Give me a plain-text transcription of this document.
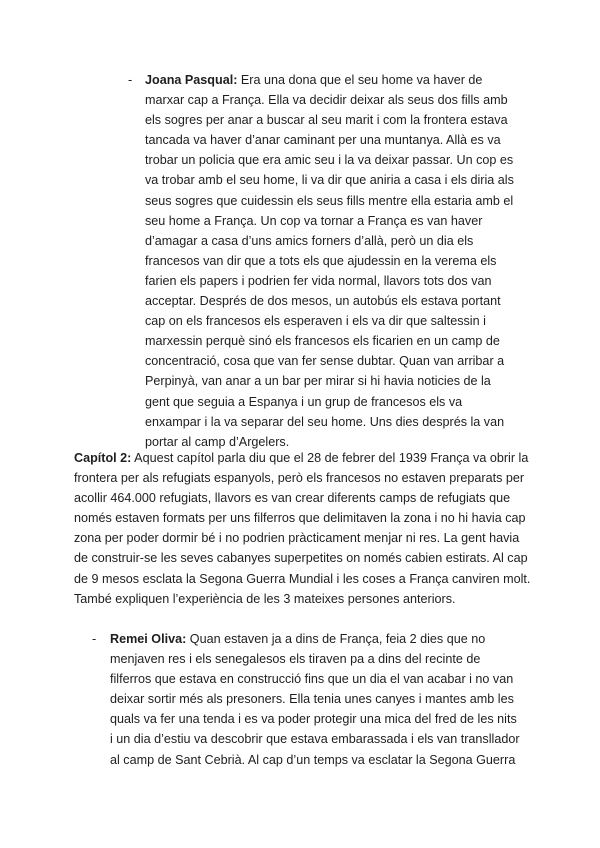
- Joana Pasqual: Era una dona que el seu home va haver de marxar cap a França. Ella va decidir deixar als seus dos fills amb els sogres per anar a buscar al seu marit i com la frontera estava tancada va haver d’anar caminant per una muntanya. Allà es va trobar un policia que era amic seu i la va deixar passar. Un cop es va trobar amb el seu home, li va dir que aniria a casa i els diria als seus sogres que cuidessin els seus fills mentre ella estaria amb el seu home a França. Un cop va tornar a França es van haver d’amagar a casa d’uns amics forners d’allà, però un dia els francesos van dir que a tots els que ajudessin en la verema els farien els papers i podrien fer vida normal, llavors tots dos van acceptar. Després de dos mesos, un autobús els estava portant cap on els francesos els esperaven i els va dir que saltessin i marxessin perquè sinó els francesos els ficarien en un camp de concentració, cosa que van fer sense dubtar. Quan van arribar a Perpinyà, van anar a un bar per mirar si hi havia noticies de la gent que seguia a Espanya i un grup de francesos els va enxampar i la va separar del seu home. Uns dies després la van portar al camp d’Argelers.
Capítol 2: Aquest capítol parla diu que el 28 de febrer del 1939 França va obrir la frontera per als refugiats espanyols, però els francesos no estaven preparats per acollir 464.000 refugiats, llavors es van crear diferents camps de refugiats que només estaven formats per uns filferros que delimitaven la zona i no hi havia cap zona per poder dormir bé i no podrien pràcticament menjar ni res. La gent havia de construir-se les seves cabanyes superpetites on només cabien estirats. Al cap de 9 mesos esclata la Segona Guerra Mundial i les coses a França canviren molt. També expliquen l’experiència de les 3 mateixes persones anteriors.
- Remei Oliva: Quan estaven ja a dins de França, feia 2 dies que no menjaven res i els senegalesos els tiraven pa a dins del recinte de filferros que estava en construcció fins que un dia el van acabar i no van deixar sortir més als presoners. Ella tenia unes canyes i mantes amb les quals va fer una tenda i es va poder protegir una mica del fred de les nits i un dia d’estiu va descobrir que estava embarassada i els van transllador al camp de Sant Cebrià. Al cap d’un temps va esclatar la Segona Guerra
